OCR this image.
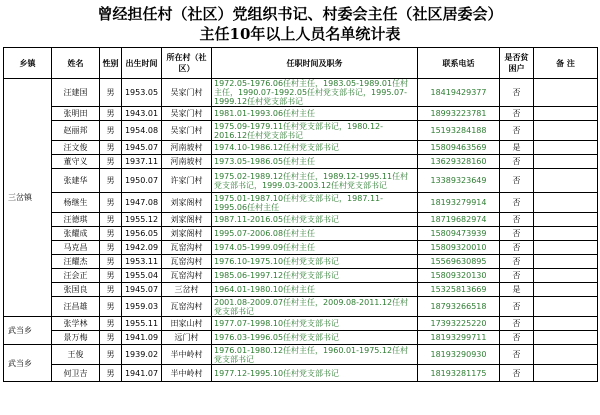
曾经担任村（社区）党组织书记、村委会主任（社区居委会）
主任10年以上人员名单统计表
乡镇	姓名	性别	出生时间	所在村（社区）	任职时间及职务	联系电话	是否贫困户	备 注
三岔镇	汪建国	男	1953.05	吴家门村	1972.05-1976.06任村主任，1983.05-1989.01任村主任，1990.07-1992.05任村党支部书记，1995.07-1999.12任村党支部书记	18419429377	否	
	张明田	男	1943.01	吴家门村	1981.01-1993.06任村主任	18993223781	否	
	赵丽邦	男	1954.08	吴家门村	1975.09-1979.11任村党支部书记，1980.12-2016.12任村党支部书记	15193284188	否	
	汪文俊	男	1945.07	河南坡村	1974.10-1986.12任村党支部书记	15809463569	是	
	董守义	男	1937.11	河南坡村	1973.05-1986.05任村主任	13629328160	否	
	张建华	男	1950.07	许家门村	1975.02-1989.12任村主任，1989.12-1995.11任村党支部书记，1999.03-2003.12任村党支部书记	13389323649	否	
	杨继生	男	1947.08	刘家阁村	1975.01-1987.10任村党支部书记，1987.11-1995.06任村主任	18193279914	否	
	汪德琪	男	1955.12	刘家阁村	1987.11-2016.05任村党支部书记	18719682974	否	
	张耀成	男	1956.05	刘家阁村	1995.07-2006.08任村主任	15809473939	否	
	马克昌	男	1942.09	瓦窑沟村	1974.05-1999.09任村主任	15809320010	否	
	汪耀杰	男	1953.11	瓦窑沟村	1976.10-1975.10任村党支部书记	15569630895	否	
	汪会正	男	1955.04	瓦窑沟村	1985.06-1997.12任村党支部书记	15809320130	否	
	张国良	男	1945.07	三岔村	1964.01-1980.10任村主任	15325813669	是	
	汪昌雄	男	1959.03	瓦窑沟村	2001.08-2009.07任村主任，2009.08-2011.12任村党支部书记	18793266518	否	
武当乡	张学林	男	1955.11	田家山村	1977.07-1998.10任村党支部书记	17393225220	否	
	景万梅	男	1941.09	远门村	1976.03-1996.05任村党支部书记	18193299711	否	
武当乡	王俊	男	1939.02	半中岭村	1976.01-1980.12任村主任，1960.01-1975.12任村党支部书记	18193290930	否	
	何卫吉	男	1941.07	半中岭村	1977.12-1995.10任村党支部书记	18193281175	否	
